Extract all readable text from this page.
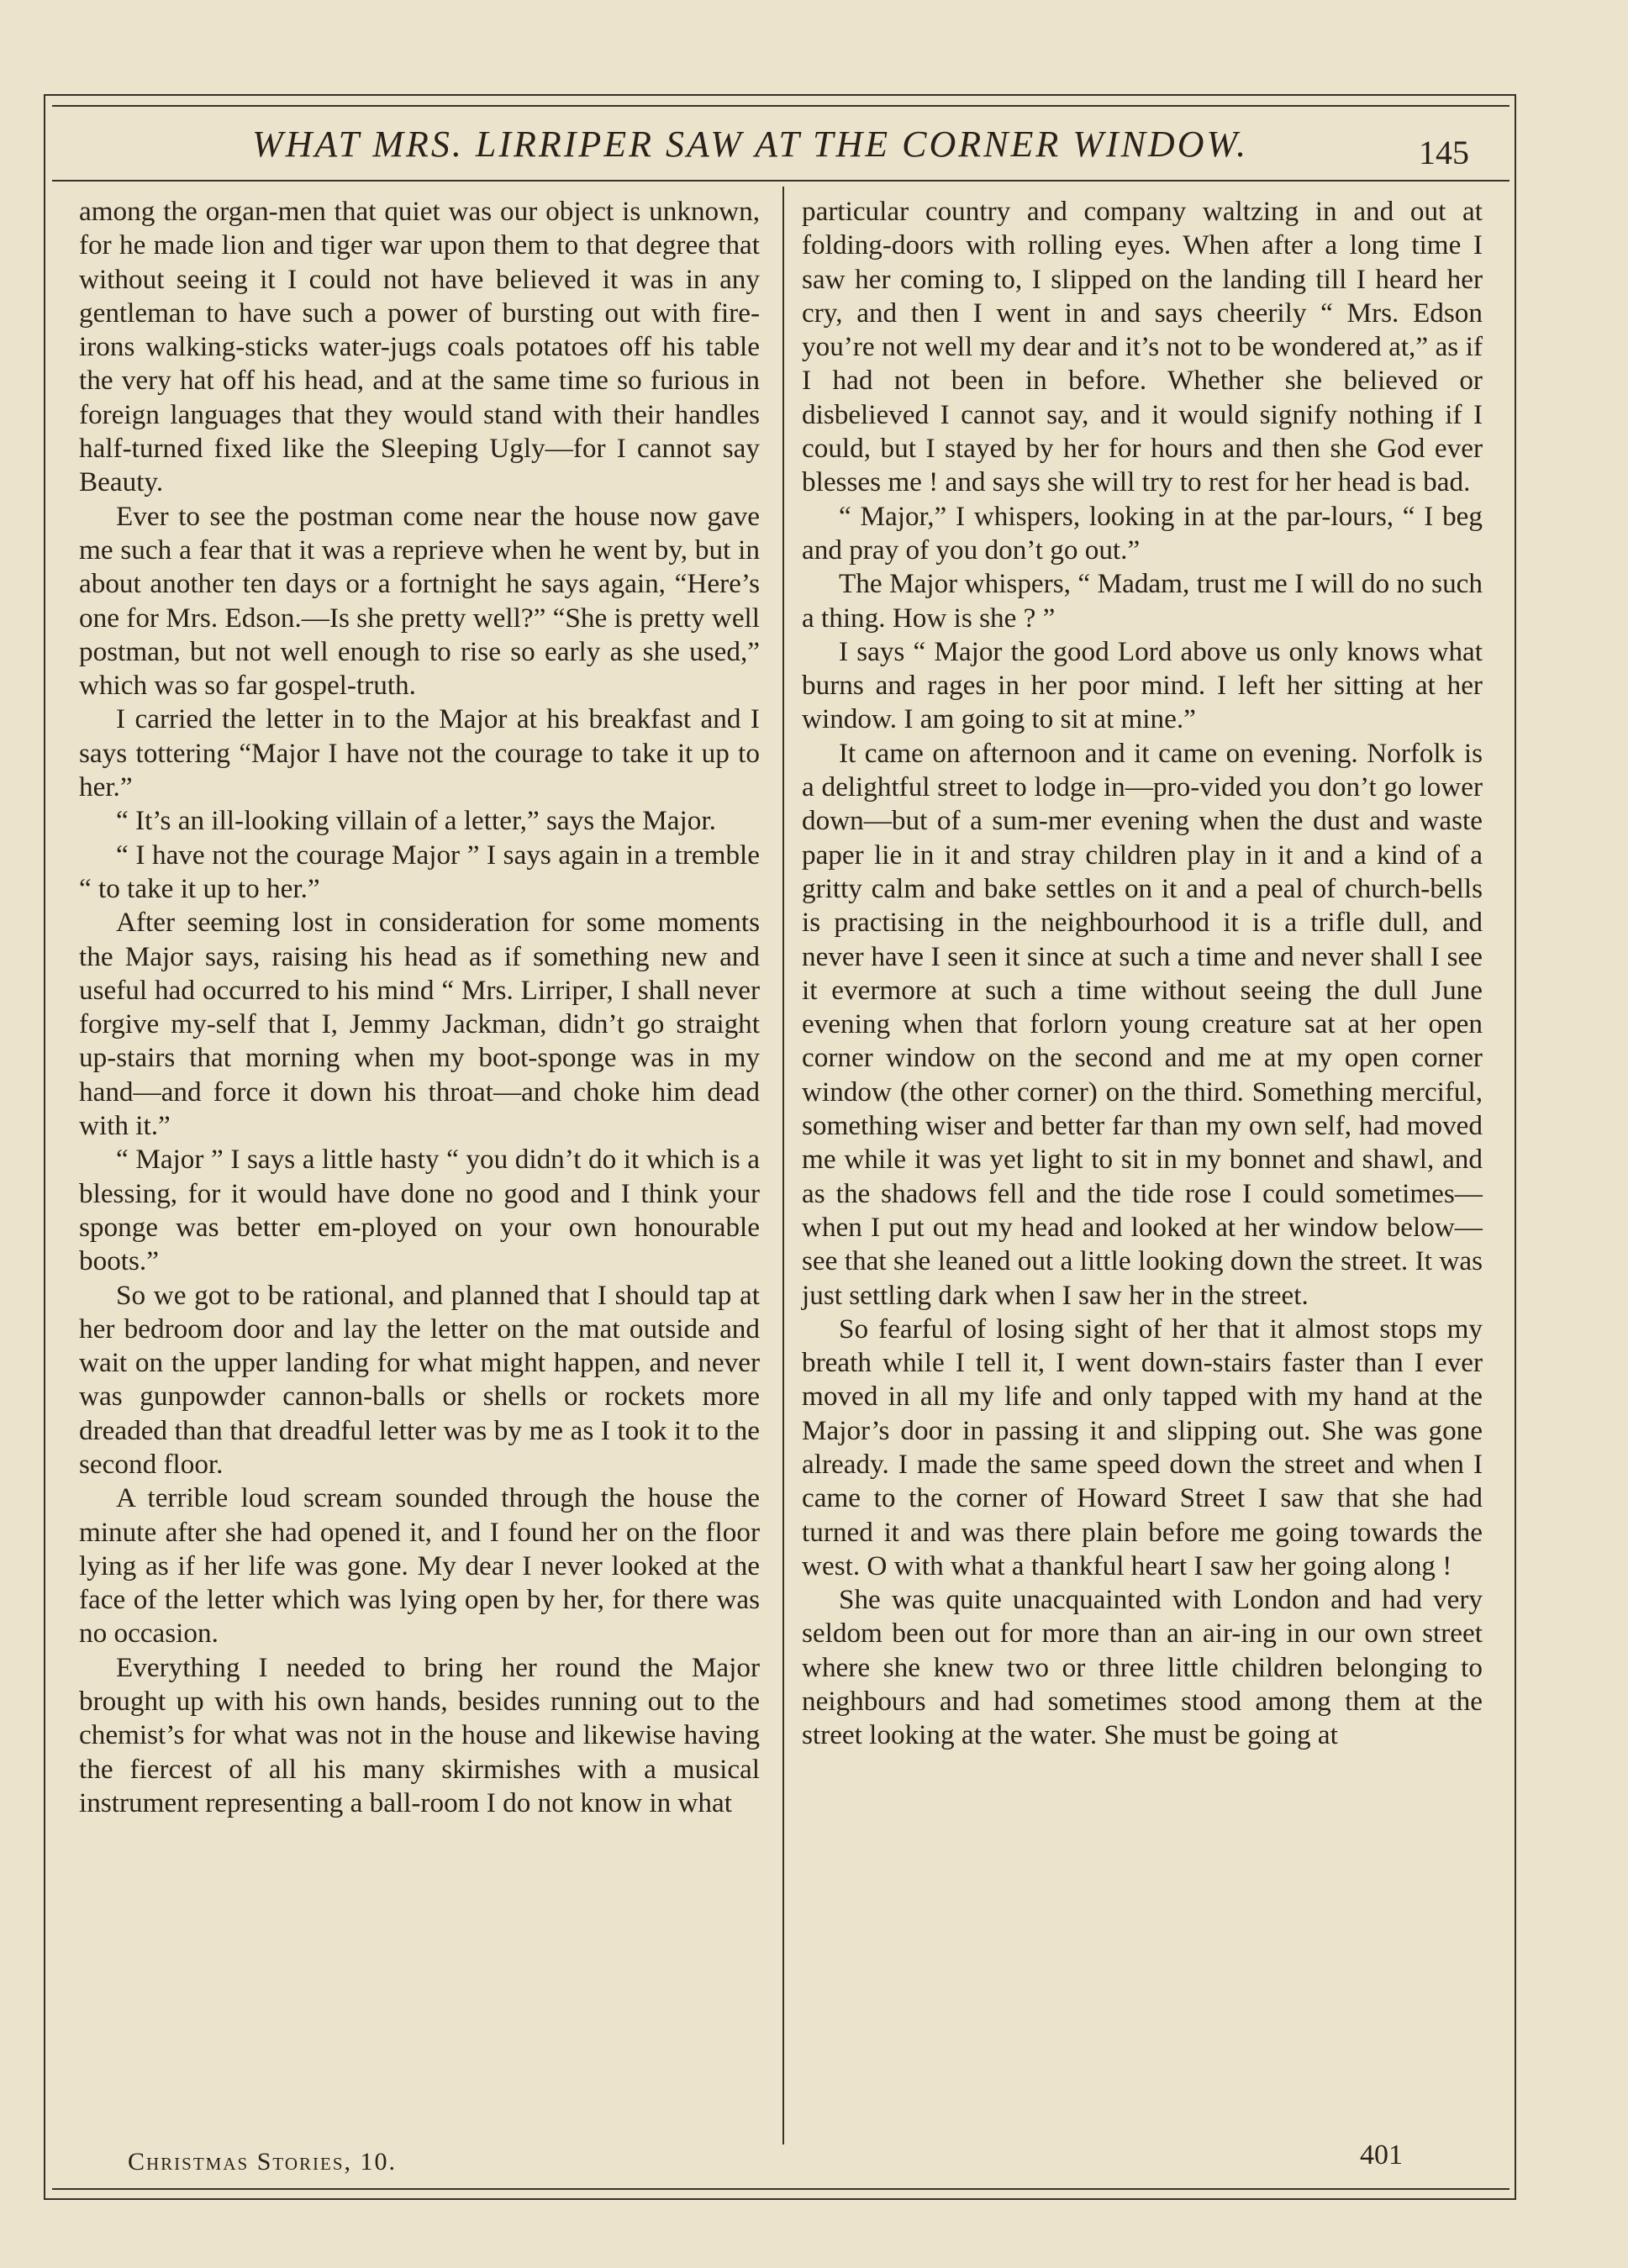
WHAT MRS. LIRRIPER SAW AT THE CORNER WINDOW.	145

among the organ-men that quiet was our object is unknown, for he made lion and tiger war upon them to that degree that without seeing it I could not have believed it was in any gentleman to have such a power of bursting out with fire-irons walking-sticks water-jugs coals potatoes off his table the very hat off his head, and at the same time so furious in foreign languages that they would stand with their handles half-turned fixed like the Sleeping Ugly—for I cannot say Beauty.

Ever to see the postman come near the house now gave me such a fear that it was a reprieve when he went by, but in about another ten days or a fortnight he says again, “Here’s one for Mrs. Edson.—Is she pretty well?” “She is pretty well postman, but not well enough to rise so early as she used,” which was so far gospel-truth.

I carried the letter in to the Major at his breakfast and I says tottering “Major I have not the courage to take it up to her.”

“ It’s an ill-looking villain of a letter,” says the Major.

“ I have not the courage Major ” I says again in a tremble “ to take it up to her.”

After seeming lost in consideration for some moments the Major says, raising his head as if something new and useful had occurred to his mind “ Mrs. Lirriper, I shall never forgive my-self that I, Jemmy Jackman, didn’t go straight up-stairs that morning when my boot-sponge was in my hand—and force it down his throat—and choke him dead with it.”

“ Major ” I says a little hasty “ you didn’t do it which is a blessing, for it would have done no good and I think your sponge was better em-ployed on your own honourable boots.”

So we got to be rational, and planned that I should tap at her bedroom door and lay the letter on the mat outside and wait on the upper landing for what might happen, and never was gunpowder cannon-balls or shells or rockets more dreaded than that dreadful letter was by me as I took it to the second floor.

A terrible loud scream sounded through the house the minute after she had opened it, and I found her on the floor lying as if her life was gone. My dear I never looked at the face of the letter which was lying open by her, for there was no occasion.

Everything I needed to bring her round the Major brought up with his own hands, besides running out to the chemist’s for what was not in the house and likewise having the fiercest of all his many skirmishes with a musical instrument representing a ball-room I do not know in what

particular country and company waltzing in and out at folding-doors with rolling eyes. When after a long time I saw her coming to, I slipped on the landing till I heard her cry, and then I went in and says cheerily “ Mrs. Edson you’re not well my dear and it’s not to be wondered at,” as if I had not been in before. Whether she believed or disbelieved I cannot say, and it would signify nothing if I could, but I stayed by her for hours and then she God ever blesses me ! and says she will try to rest for her head is bad.

“ Major,” I whispers, looking in at the par-lours, “ I beg and pray of you don’t go out.”

The Major whispers, “ Madam, trust me I will do no such a thing. How is she ? ”

I says “ Major the good Lord above us only knows what burns and rages in her poor mind. I left her sitting at her window. I am going to sit at mine.”

It came on afternoon and it came on evening. Norfolk is a delightful street to lodge in—pro-vided you don’t go lower down—but of a sum-mer evening when the dust and waste paper lie in it and stray children play in it and a kind of a gritty calm and bake settles on it and a peal of church-bells is practising in the neighbourhood it is a trifle dull, and never have I seen it since at such a time and never shall I see it evermore at such a time without seeing the dull June evening when that forlorn young creature sat at her open corner window on the second and me at my open corner window (the other corner) on the third. Something merciful, something wiser and better far than my own self, had moved me while it was yet light to sit in my bonnet and shawl, and as the shadows fell and the tide rose I could sometimes—when I put out my head and looked at her window below—see that she leaned out a little looking down the street. It was just settling dark when I saw her in the street.

So fearful of losing sight of her that it almost stops my breath while I tell it, I went down-stairs faster than I ever moved in all my life and only tapped with my hand at the Major’s door in passing it and slipping out. She was gone already. I made the same speed down the street and when I came to the corner of Howard Street I saw that she had turned it and was there plain before me going towards the west. O with what a thankful heart I saw her going along !

She was quite unacquainted with London and had very seldom been out for more than an air-ing in our own street where she knew two or three little children belonging to neighbours and had sometimes stood among them at the street looking at the water. She must be going at

Christmas Stories, 10.	401
